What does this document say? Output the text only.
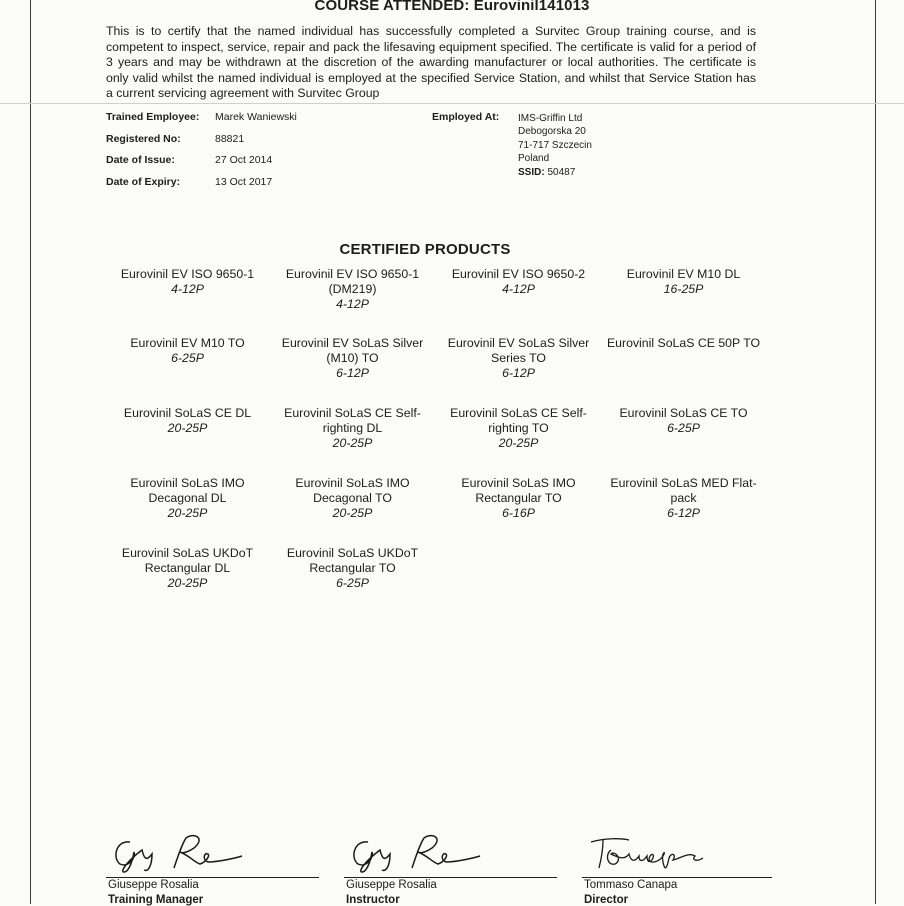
COURSE ATTENDED: Eurovinil141013
This is to certify that the named individual has successfully completed a Survitec Group training course, and is
competent to inspect, service, repair and pack the lifesaving equipment specified. The certificate is valid for a period of
3 years and may be withdrawn at the discretion of the awarding manufacturer or local authorities. The certificate is
only valid whilst the named individual is employed at the specified Service Station, and whilst that Service Station has
a current servicing agreement with Survitec Group
Trained Employee: Marek Waniewski
Registered No:	88821
Date of Issue:	27 Oct 2014
Date of Expiry:	13 Oct 2017
Employed At: IMS-Griffin Ltd
Debogorska 20
71-717 Szczecin
Poland
SSID: 50487
CERTIFIED PRODUCTS
Eurovinil EV ISO 9650-1
4-12P
Eurovinil EV ISO 9650-1 (DM219)
4-12P
Eurovinil EV ISO 9650-2
4-12P
Eurovinil EV M10 DL
16-25P
Eurovinil EV M10 TO
6-25P
Eurovinil EV SoLaS Silver (M10) TO
6-12P
Eurovinil EV SoLaS Silver Series TO
6-12P
Eurovinil SoLaS CE 50P TO
Eurovinil SoLaS CE DL
20-25P
Eurovinil SoLaS CE Self-righting DL
20-25P
Eurovinil SoLaS CE Self-righting TO
20-25P
Eurovinil SoLaS CE TO
6-25P
Eurovinil SoLaS IMO Decagonal DL
20-25P
Eurovinil SoLaS IMO Decagonal TO
20-25P
Eurovinil SoLaS IMO Rectangular TO
6-16P
Eurovinil SoLaS MED Flat-pack
6-12P
Eurovinil SoLaS UKDoT Rectangular DL
20-25P
Eurovinil SoLaS UKDoT Rectangular TO
6-25P
Giuseppe Rosalia	Giuseppe Rosalia	Tommaso Canapa
Training Manager	Instructor	Director
